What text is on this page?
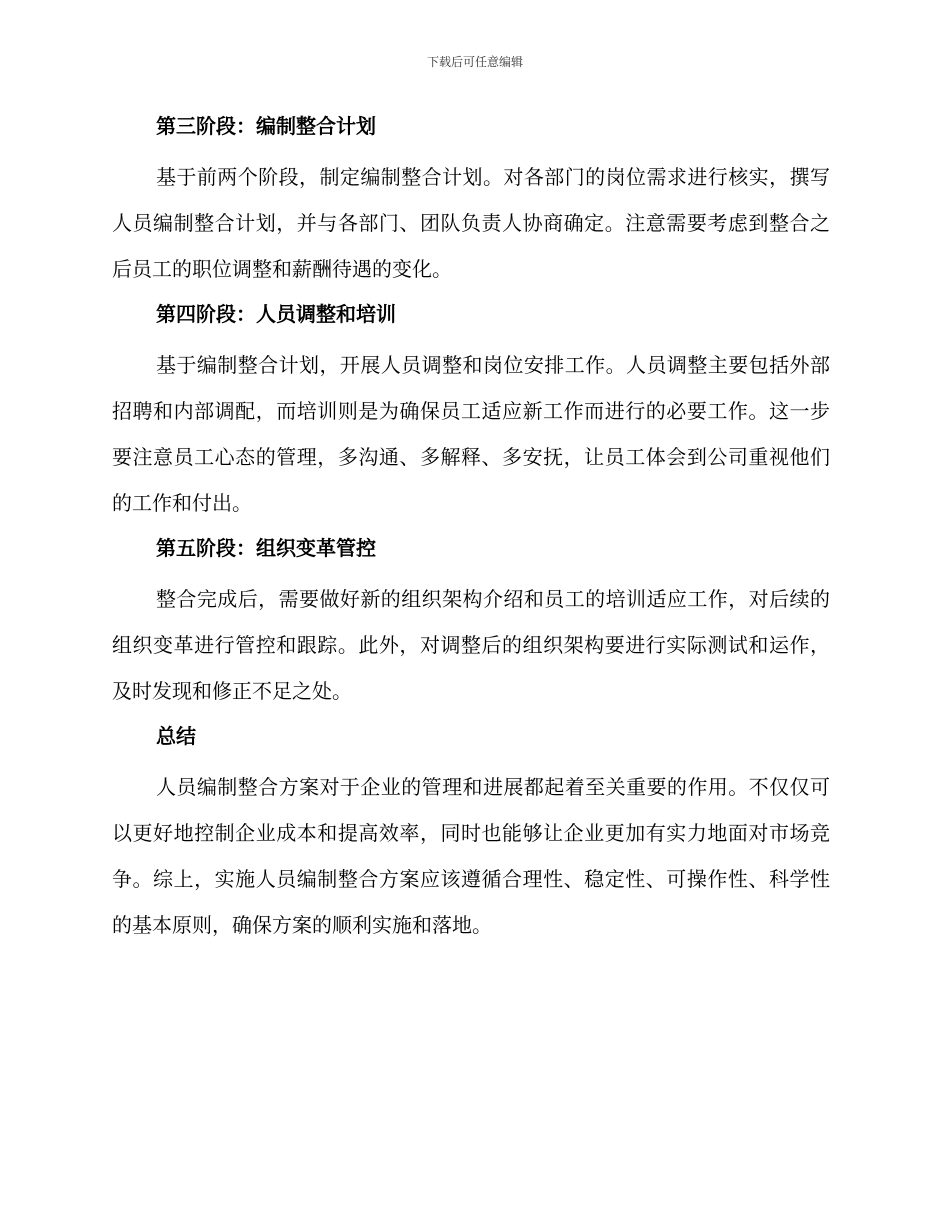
下载后可任意编辑
第三阶段：编制整合计划

基于前两个阶段，制定编制整合计划。对各部门的岗位需求进行核实，撰写人员编制整合计划，并与各部门、团队负责人协商确定。注意需要考虑到整合之后员工的职位调整和薪酬待遇的变化。

第四阶段：人员调整和培训

基于编制整合计划，开展人员调整和岗位安排工作。人员调整主要包括外部招聘和内部调配，而培训则是为确保员工适应新工作而进行的必要工作。这一步要注意员工心态的管理，多沟通、多解释、多安抚，让员工体会到公司重视他们的工作和付出。

第五阶段：组织变革管控

整合完成后，需要做好新的组织架构介绍和员工的培训适应工作，对后续的组织变革进行管控和跟踪。此外，对调整后的组织架构要进行实际测试和运作，及时发现和修正不足之处。

总结

人员编制整合方案对于企业的管理和进展都起着至关重要的作用。不仅仅可以更好地控制企业成本和提高效率，同时也能够让企业更加有实力地面对市场竞争。综上，实施人员编制整合方案应该遵循合理性、稳定性、可操作性、科学性的基本原则，确保方案的顺利实施和落地。
